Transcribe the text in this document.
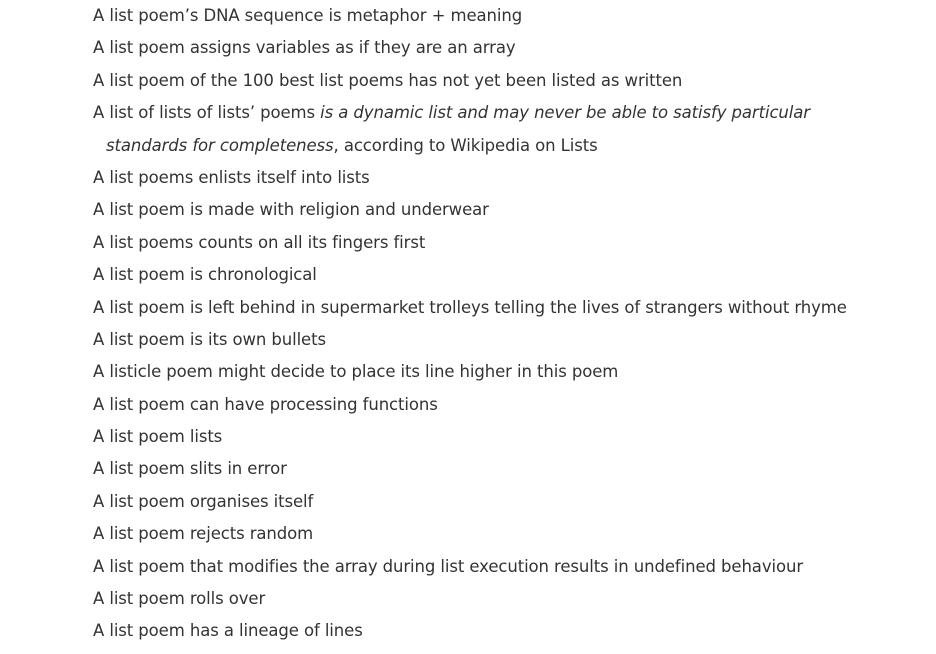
A list poem’s DNA sequence is metaphor + meaning
A list poem assigns variables as if they are an array
A list poem of the 100 best list poems has not yet been listed as written
A list of lists of lists’ poems is a dynamic list and may never be able to satisfy particular
standards for completeness, according to Wikipedia on Lists
A list poems enlists itself into lists
A list poem is made with religion and underwear
A list poems counts on all its fingers first
A list poem is chronological
A list poem is left behind in supermarket trolleys telling the lives of strangers without rhyme
A list poem is its own bullets
A listicle poem might decide to place its line higher in this poem
A list poem can have processing functions
A list poem lists
A list poem slits in error
A list poem organises itself
A list poem rejects random
A list poem that modifies the array during list execution results in undefined behaviour
A list poem rolls over
A list poem has a lineage of lines
